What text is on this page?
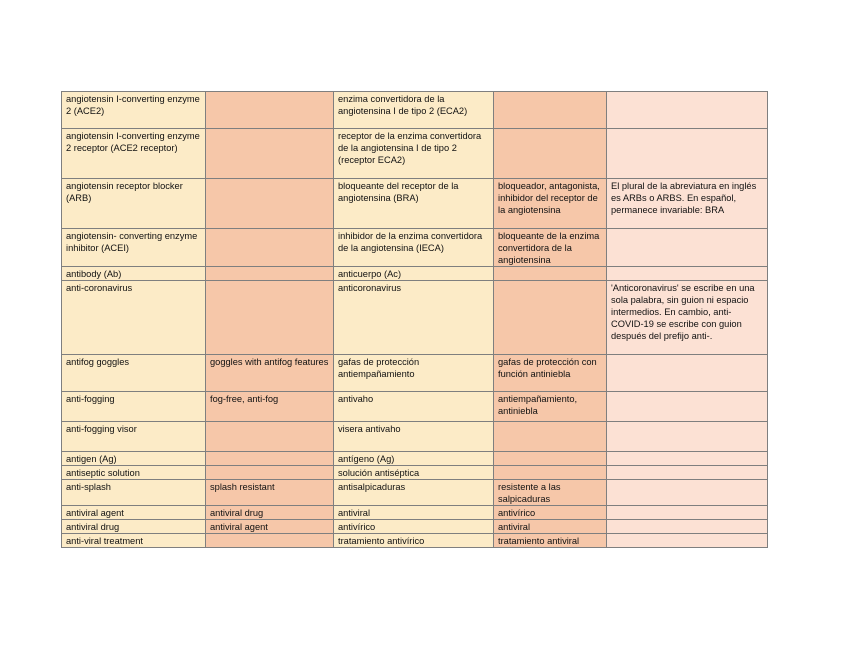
angiotensin I-converting enzyme 2 (ACE2)		enzima convertidora de la angiotensina I de tipo 2 (ECA2)		
angiotensin I-converting enzyme 2 receptor (ACE2 receptor)		receptor de la enzima convertidora de la angiotensina I de tipo 2 (receptor ECA2)		
angiotensin receptor blocker (ARB)		bloqueante del receptor de la angiotensina (BRA)	bloqueador, antagonista, inhibidor del receptor de la angiotensina	El plural de la abreviatura en inglés es ARBs o ARBS. En español, permanece invariable: BRA
angiotensin- converting enzyme inhibitor (ACEI)		inhibidor de la enzima convertidora de la angiotensina (IECA)	bloqueante de la enzima convertidora de la angiotensina	
antibody (Ab)		anticuerpo (Ac)		
anti-coronavirus		anticoronavirus		'Anticoronavirus' se escribe en una sola palabra, sin guion ni espacio intermedios. En cambio, anti-COVID-19 se escribe con guion después del prefijo anti-.
antifog goggles	goggles with antifog features	gafas de protección antiempañamiento	gafas de protección con función antiniebla	
anti-fogging	fog-free, anti-fog	antivaho	antiempañamiento, antiniebla	
anti-fogging visor		visera antivaho		
antigen (Ag)		antígeno (Ag)		
antiseptic solution		solución antiséptica		
anti-splash	splash resistant	antisalpicaduras	resistente a las salpicaduras	
antiviral agent	antiviral drug	antiviral	antivírico	
antiviral drug	antiviral agent	antivírico	antiviral	
anti-viral treatment		tratamiento antivírico	tratamiento antiviral	
